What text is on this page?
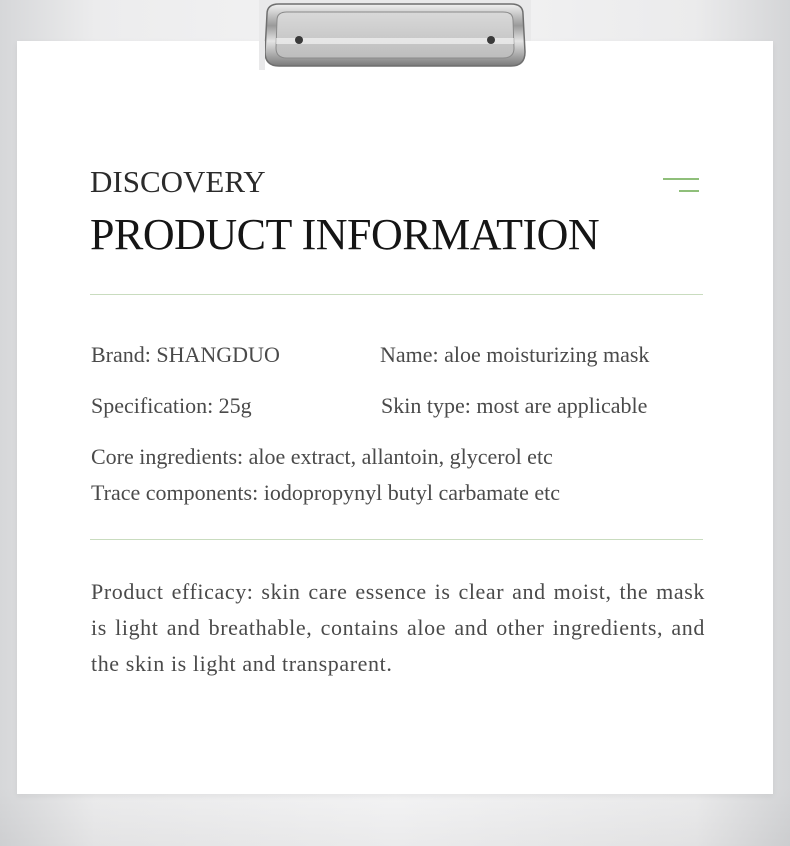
DISCOVERY
PRODUCT INFORMATION
Brand: SHANGDUO	Name: aloe moisturizing mask
Specification: 25g	Skin type: most are applicable
Core ingredients: aloe extract, allantoin, glycerol etc
Trace components: iodopropynyl butyl carbamate etc
Product efficacy: skin care essence is clear and moist, the mask is light and breathable, contains aloe and other ingredients, and the skin is light and transparent.
